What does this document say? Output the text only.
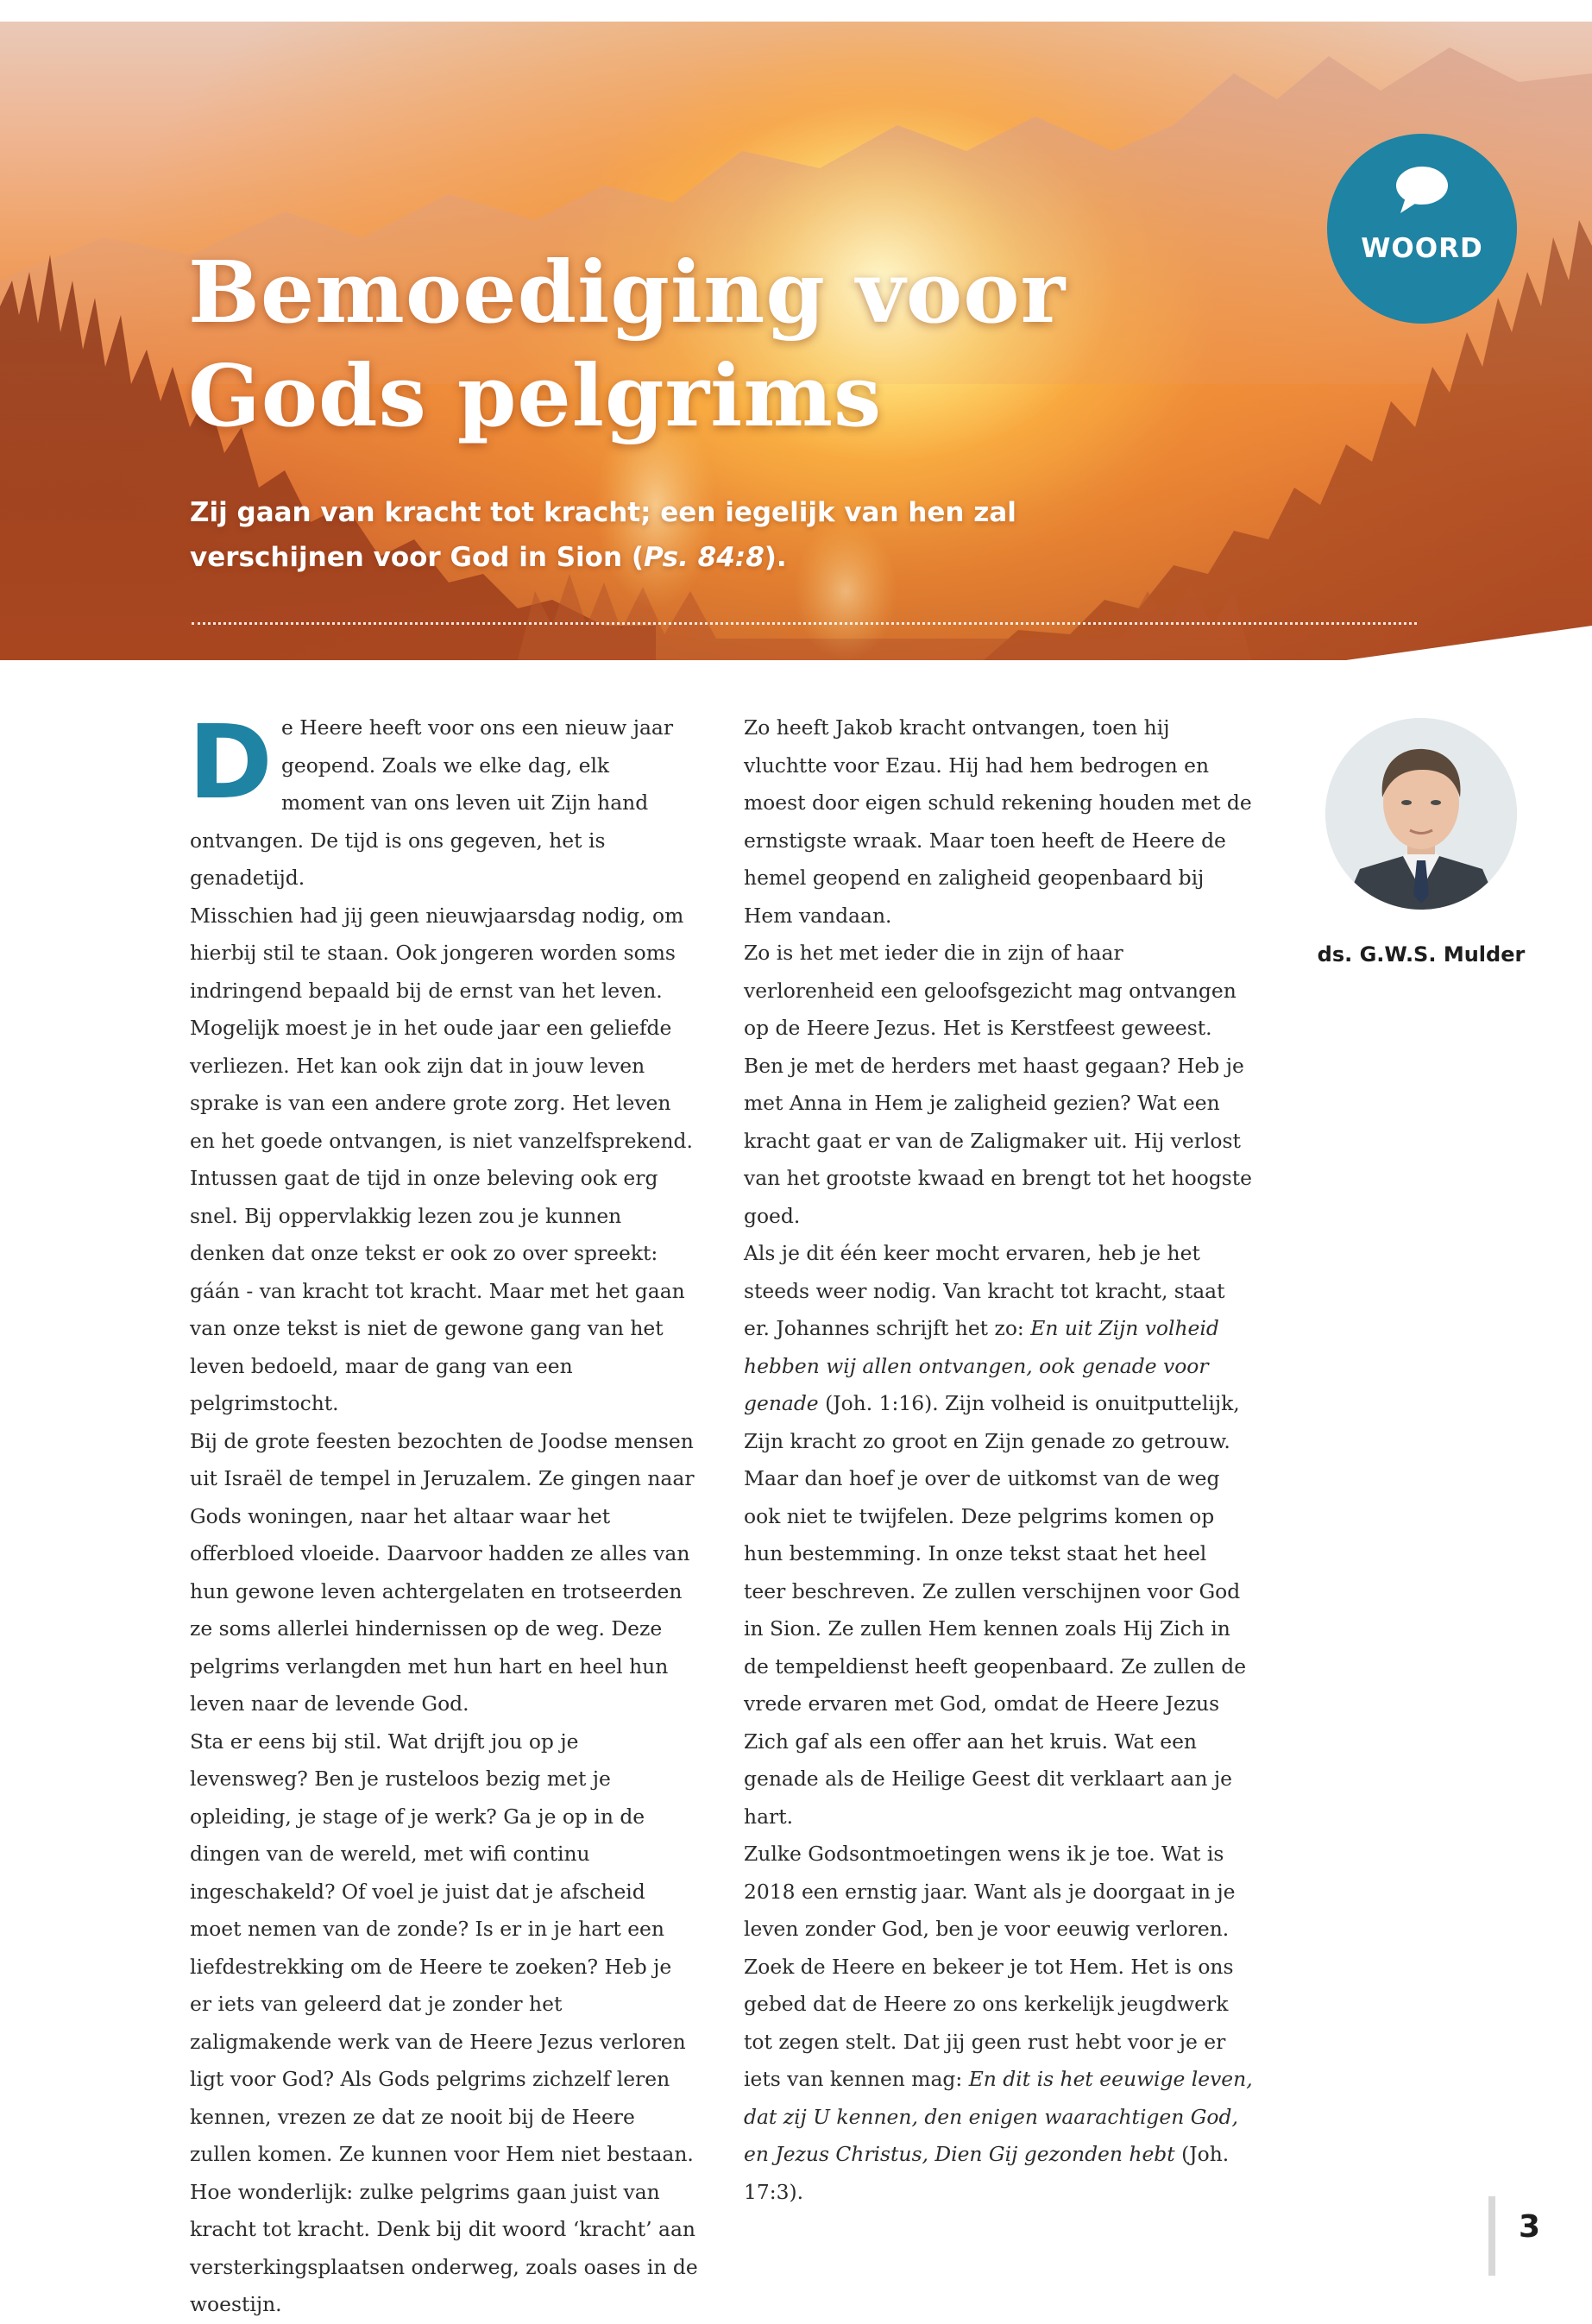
Bemoediging voor
Gods pelgrims

Zij gaan van kracht tot kracht; een iegelijk van hen zal verschijnen voor God in Sion (Ps. 84:8).

WOORD

De Heere heeft voor ons een nieuw jaar geopend. Zoals we elke dag, elk moment van ons leven uit Zijn hand ontvangen. De tijd is ons gegeven, het is genadetijd.

Misschien had jij geen nieuwjaarsdag nodig, om hierbij stil te staan. Ook jongeren worden soms indringend bepaald bij de ernst van het leven. Mogelijk moest je in het oude jaar een geliefde verliezen. Het kan ook zijn dat in jouw leven sprake is van een andere grote zorg. Het leven en het goede ontvangen, is niet vanzelfsprekend.

Intussen gaat de tijd in onze beleving ook erg snel. Bij oppervlakkig lezen zou je kunnen denken dat onze tekst er ook zo over spreekt: gáán - van kracht tot kracht. Maar met het gaan van onze tekst is niet de gewone gang van het leven bedoeld, maar de gang van een pelgrimstocht.

Bij de grote feesten bezochten de Joodse mensen uit Israël de tempel in Jeruzalem. Ze gingen naar Gods woningen, naar het altaar waar het offerbloed vloeide. Daarvoor hadden ze alles van hun gewone leven achtergelaten en trotseerden ze soms allerlei hindernissen op de weg. Deze pelgrims verlangden met hun hart en heel hun leven naar de levende God.

Sta er eens bij stil. Wat drijft jou op je levensweg? Ben je rusteloos bezig met je opleiding, je stage of je werk? Ga je op in de dingen van de wereld, met wifi continu ingeschakeld? Of voel je juist dat je afscheid moet nemen van de zonde? Is er in je hart een liefdestrekking om de Heere te zoeken? Heb je er iets van geleerd dat je zonder het zaligmakende werk van de Heere Jezus verloren ligt voor God? Als Gods pelgrims zichzelf leren kennen, vrezen ze dat ze nooit bij de Heere zullen komen. Ze kunnen voor Hem niet bestaan.

Hoe wonderlijk: zulke pelgrims gaan juist van kracht tot kracht. Denk bij dit woord ‘kracht’ aan versterkingsplaatsen onderweg, zoals oases in de woestijn.

Zo heeft Jakob kracht ontvangen, toen hij vluchtte voor Ezau. Hij had hem bedrogen en moest door eigen schuld rekening houden met de ernstigste wraak. Maar toen heeft de Heere de hemel geopend en zaligheid geopenbaard bij Hem vandaan.

Zo is het met ieder die in zijn of haar verlorenheid een geloofsgezicht mag ontvangen op de Heere Jezus. Het is Kerstfeest geweest. Ben je met de herders met haast gegaan? Heb je met Anna in Hem je zaligheid gezien? Wat een kracht gaat er van de Zaligmaker uit. Hij verlost van het grootste kwaad en brengt tot het hoogste goed.

Als je dit één keer mocht ervaren, heb je het steeds weer nodig. Van kracht tot kracht, staat er. Johannes schrijft het zo: En uit Zijn volheid hebben wij allen ontvangen, ook genade voor genade (Joh. 1:16). Zijn volheid is onuitputtelijk, Zijn kracht zo groot en Zijn genade zo getrouw.

Maar dan hoef je over de uitkomst van de weg ook niet te twijfelen. Deze pelgrims komen op hun bestemming. In onze tekst staat het heel teer beschreven. Ze zullen verschijnen voor God in Sion. Ze zullen Hem kennen zoals Hij Zich in de tempeldienst heeft geopenbaard. Ze zullen de vrede ervaren met God, omdat de Heere Jezus Zich gaf als een offer aan het kruis. Wat een genade als de Heilige Geest dit verklaart aan je hart.

Zulke Godsontmoetingen wens ik je toe. Wat is 2018 een ernstig jaar. Want als je doorgaat in je leven zonder God, ben je voor eeuwig verloren. Zoek de Heere en bekeer je tot Hem. Het is ons gebed dat de Heere zo ons kerkelijk jeugdwerk tot zegen stelt. Dat jij geen rust hebt voor je er iets van kennen mag: En dit is het eeuwige leven, dat zij U kennen, den enigen waarachtigen God, en Jezus Christus, Dien Gij gezonden hebt (Joh. 17:3).

ds. G.W.S. Mulder
3
